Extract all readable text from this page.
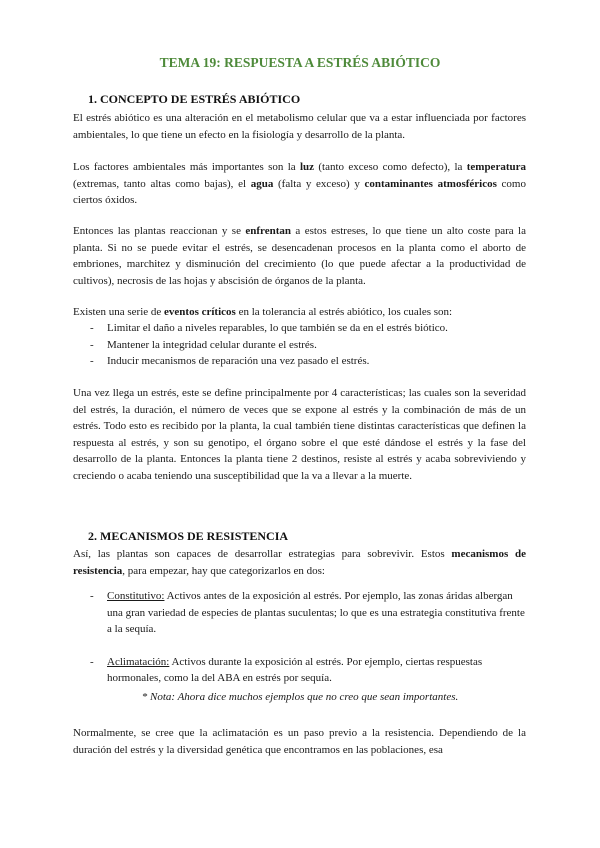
TEMA 19: RESPUESTA A ESTRÉS ABIÓTICO
1. CONCEPTO DE ESTRÉS ABIÓTICO

El estrés abiótico es una alteración en el metabolismo celular que va a estar influenciada por factores ambientales, lo que tiene un efecto en la fisiología y desarrollo de la planta.

Los factores ambientales más importantes son la luz (tanto exceso como defecto), la temperatura (extremas, tanto altas como bajas), el agua (falta y exceso) y contaminantes atmosféricos como ciertos óxidos.

Entonces las plantas reaccionan y se enfrentan a estos estreses, lo que tiene un alto coste para la planta. Si no se puede evitar el estrés, se desencadenan procesos en la planta como el aborto de embriones, marchitez y disminución del crecimiento (lo que puede afectar a la productividad de cultivos), necrosis de las hojas y abscisión de órganos de la planta.

Existen una serie de eventos críticos en la tolerancia al estrés abiótico, los cuales son:

- Limitar el daño a niveles reparables, lo que también se da en el estrés biótico.
- Mantener la integridad celular durante el estrés.
- Inducir mecanismos de reparación una vez pasado el estrés.

Una vez llega un estrés, este se define principalmente por 4 características; las cuales son la severidad del estrés, la duración, el número de veces que se expone al estrés y la combinación de más de un estrés. Todo esto es recibido por la planta, la cual también tiene distintas características que definen la respuesta al estrés, y son su genotipo, el órgano sobre el que esté dándose el estrés y la fase del desarrollo de la planta. Entonces la planta tiene 2 destinos, resiste al estrés y acaba sobreviviendo y creciendo o acaba teniendo una susceptibilidad que la va a llevar a la muerte.

2. MECANISMOS DE RESISTENCIA

Así, las plantas son capaces de desarrollar estrategias para sobrevivir. Estos mecanismos de resistencia, para empezar, hay que categorizarlos en dos:

- Constitutivo: Activos antes de la exposición al estrés. Por ejemplo, las zonas áridas albergan una gran variedad de especies de plantas suculentas; lo que es una estrategia constitutiva frente a la sequía.
- Aclimatación: Activos durante la exposición al estrés. Por ejemplo, ciertas respuestas hormonales, como la del ABA en estrés por sequía.
* Nota: Ahora dice muchos ejemplos que no creo que sean importantes.

Normalmente, se cree que la aclimatación es un paso previo a la resistencia. Dependiendo de la duración del estrés y la diversidad genética que encontramos en las poblaciones, esa
